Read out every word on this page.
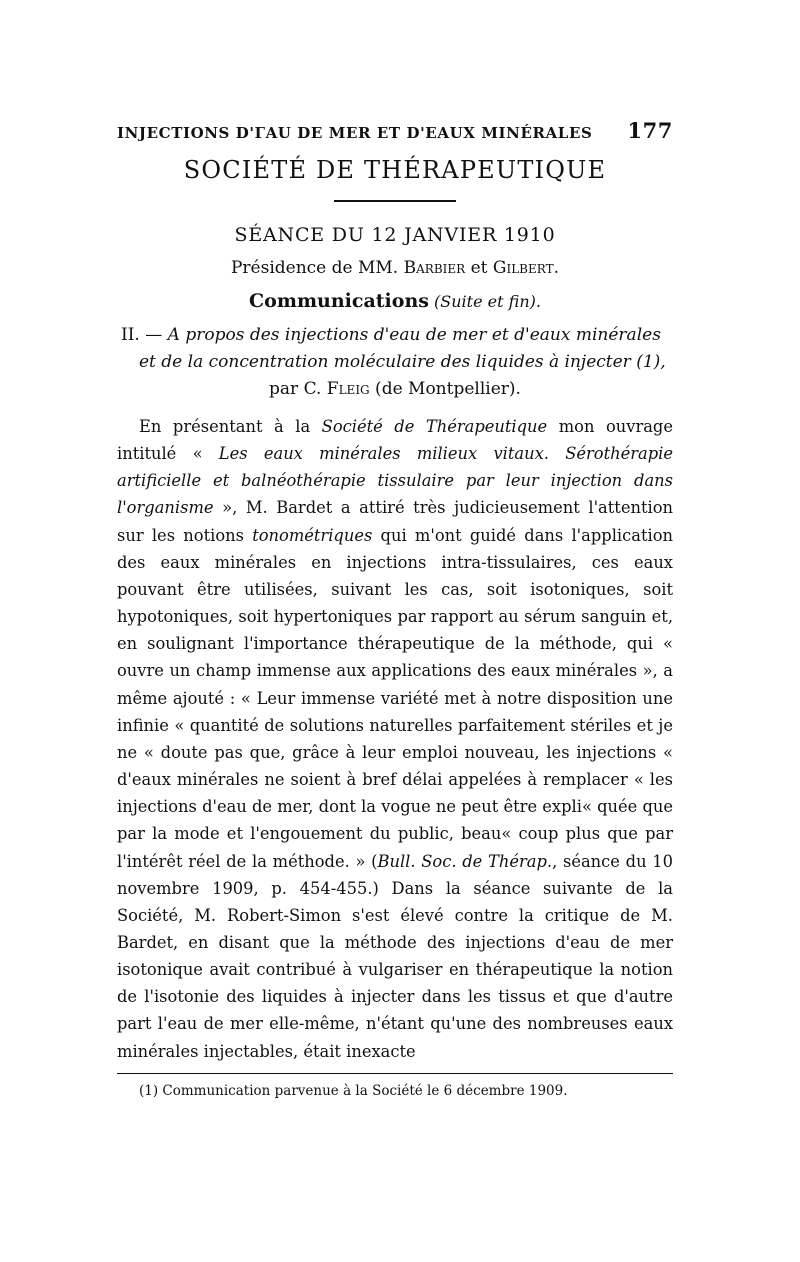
INJECTIONS D'ГAU DE MER ET D'EAUX MINÉRALES 177
SOCIÉTÉ DE THÉRAPEUTIQUE
SÉANCE DU 12 JANVIER 1910
Présidence de MM. Barbier et Gilbert.
Communications (Suite et fin).
II. — A propos des injections d'eau de mer et d'eaux minérales
et de la concentration moléculaire des liquides à injecter (1),
par C. Fleig (de Montpellier).

En présentant à la Société de Thérapeutique mon ouvrage intitulé « Les eaux minérales milieux vitaux. Sérothérapie artificielle et balnéothérapie tissulaire par leur injection dans l'organisme », M. Bardet a attiré très judicieusement l'attention sur les notions tonométriques qui m'ont guidé dans l'application des eaux minérales en injections intra-tissulaires, ces eaux pouvant être utilisées, suivant les cas, soit isotoniques, soit hypotoniques, soit hypertoniques par rapport au sérum sanguin et, en soulignant l'importance thérapeutique de la méthode, qui « ouvre un champ immense aux applications des eaux minérales », a même ajouté : « Leur immense variété met à notre disposition une infinie « quantité de solutions naturelles parfaitement stériles et je ne « doute pas que, grâce à leur emploi nouveau, les injections « d'eaux minérales ne soient à bref délai appelées à remplacer « les injections d'eau de mer, dont la vogue ne peut être expli« quée que par la mode et l'engouement du public, beau« coup plus que par l'intérêt réel de la méthode. » (Bull. Soc. de Thérap., séance du 10 novembre 1909, p. 454-455.) Dans la séance suivante de la Société, M. Robert-Simon s'est élevé contre la critique de M. Bardet, en disant que la méthode des injections d'eau de mer isotonique avait contribué à vulgariser en thérapeutique la notion de l'isotonie des liquides à injecter dans les tissus et que d'autre part l'eau de mer elle-même, n'étant qu'une des nombreuses eaux minérales injectables, était inexacte

(1) Communication parvenue à la Société le 6 décembre 1909.
